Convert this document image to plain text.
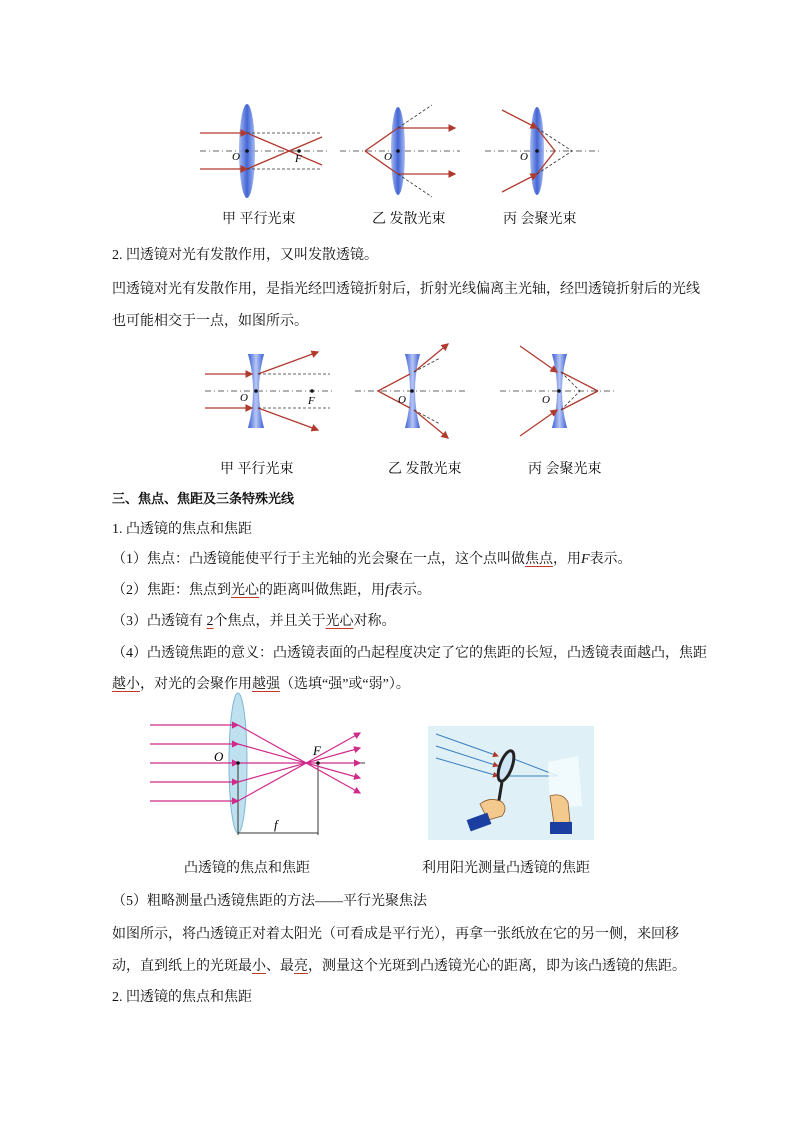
O	F	O	O
甲 平行光束	乙 发散光束	丙 会聚光束
2. 凹透镜对光有发散作用，又叫发散透镜。
凹透镜对光有发散作用，是指光经凹透镜折射后，折射光线偏离主光轴，经凹透镜折射后的光线
也可能相交于一点，如图所示。
O	F	O	O
甲 平行光束	乙 发散光束	丙 会聚光束
三、焦点、焦距及三条特殊光线
1. 凸透镜的焦点和焦距
（1）焦点：凸透镜能使平行于主光轴的光会聚在一点，这个点叫做焦点，用F表示。
（2）焦距：焦点到光心的距离叫做焦距，用f表示。
（3）凸透镜有 2个焦点，并且关于光心对称。
（4）凸透镜焦距的意义：凸透镜表面的凸起程度决定了它的焦距的长短，凸透镜表面越凸，焦距
越小，对光的会聚作用越强（选填“强”或“弱”）。
O	F
f
凸透镜的焦点和焦距	利用阳光测量凸透镜的焦距
（5）粗略测量凸透镜焦距的方法——平行光聚焦法
如图所示，将凸透镜正对着太阳光（可看成是平行光），再拿一张纸放在它的另一侧，来回移
动，直到纸上的光斑最小、最亮，测量这个光斑到凸透镜光心的距离，即为该凸透镜的焦距。
2. 凹透镜的焦点和焦距
